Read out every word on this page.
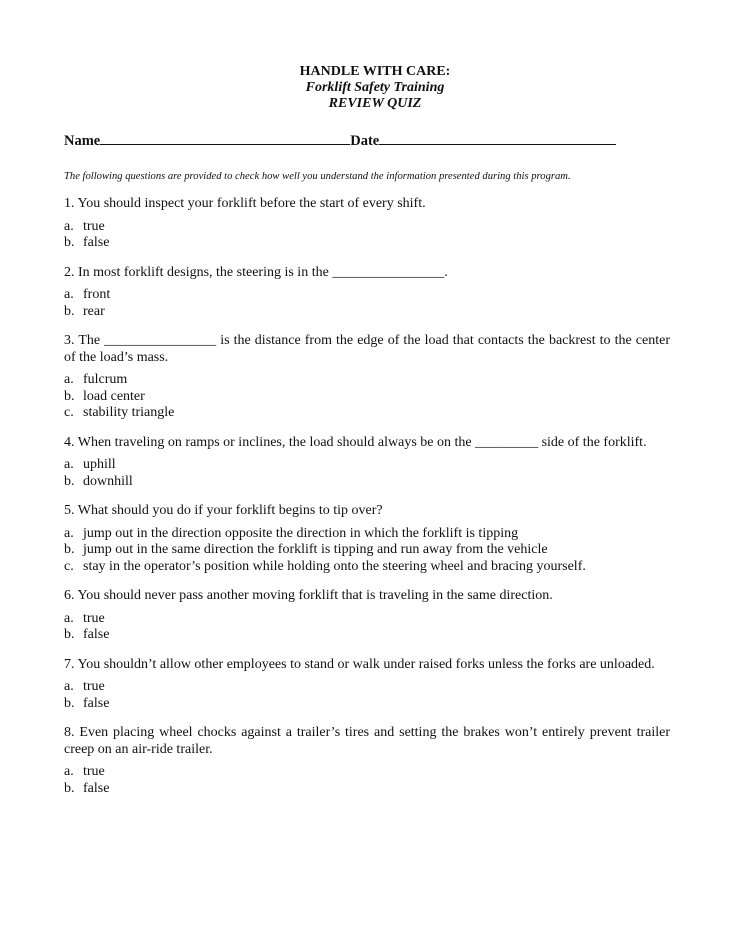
HANDLE WITH CARE:
Forklift Safety Training
REVIEW QUIZ
Name	Date
The following questions are provided to check how well you understand the information presented during this program.
1. You should inspect your forklift before the start of every shift.
a. true
b. false
2. In most forklift designs, the steering is in the ________________.
a. front
b. rear
3. The ________________ is the distance from the edge of the load that contacts the backrest to the center of the load’s mass.
a. fulcrum
b. load center
c. stability triangle
4. When traveling on ramps or inclines, the load should always be on the _________ side of the forklift.
a. uphill
b. downhill
5. What should you do if your forklift begins to tip over?
a. jump out in the direction opposite the direction in which the forklift is tipping
b. jump out in the same direction the forklift is tipping and run away from the vehicle
c. stay in the operator’s position while holding onto the steering wheel and bracing yourself.
6. You should never pass another moving forklift that is traveling in the same direction.
a. true
b. false
7. You shouldn’t allow other employees to stand or walk under raised forks unless the forks are unloaded.
a. true
b. false
8. Even placing wheel chocks against a trailer’s tires and setting the brakes won’t entirely prevent trailer creep on an air-ride trailer.
a. true
b. false
